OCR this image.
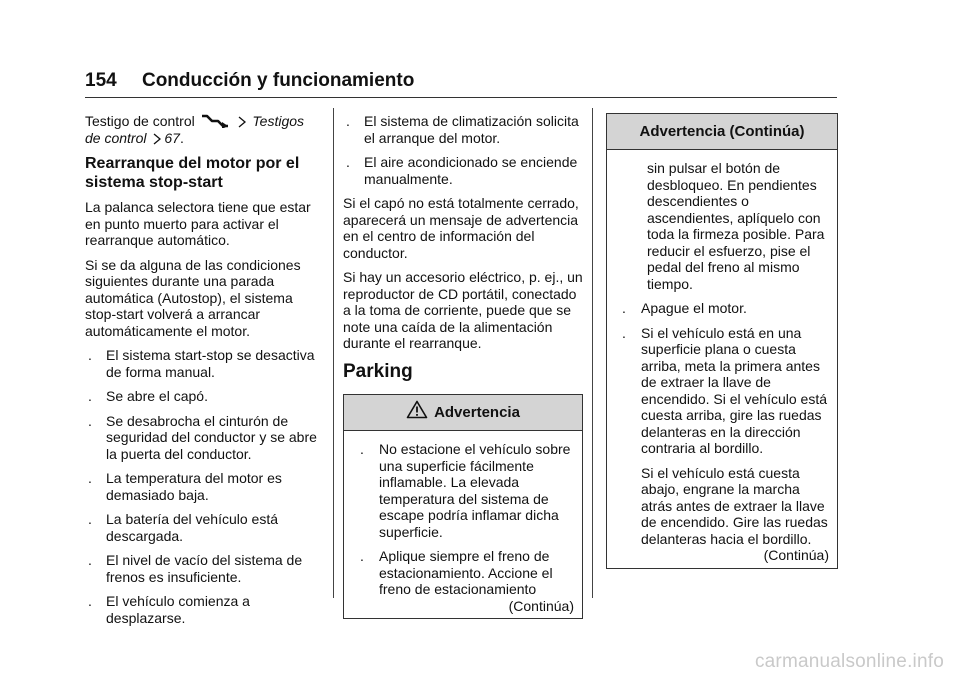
154 Conducción y funcionamiento

Testigo de control	Testigos de control 67.

Rearranque del motor por el sistema stop-start

La palanca selectora tiene que estar en punto muerto para activar el rearranque automático.

Si se da alguna de las condiciones siguientes durante una parada automática (Autostop), el sistema stop-start volverá a arrancar automáticamente el motor.

. El sistema start-stop se desactiva de forma manual.
. Se abre el capó.
. Se desabrocha el cinturón de seguridad del conductor y se abre la puerta del conductor.
. La temperatura del motor es demasiado baja.
. La batería del vehículo está descargada.
. El nivel de vacío del sistema de frenos es insuficiente.
. El vehículo comienza a desplazarse.
. El sistema de climatización solicita el arranque del motor.
. El aire acondicionado se enciende manualmente.

Si el capó no está totalmente cerrado, aparecerá un mensaje de advertencia en el centro de información del conductor.

Si hay un accesorio eléctrico, p. ej., un reproductor de CD portátil, conectado a la toma de corriente, puede que se note una caída de la alimentación durante el rearranque.

Parking
Advertencia
. No estacione el vehículo sobre una superficie fácilmente inflamable. La elevada temperatura del sistema de escape podría inflamar dicha superficie.
. Aplique siempre el freno de estacionamiento. Accione el freno de estacionamiento

(Continúa)

Advertencia (Continúa)

sin pulsar el botón de desbloqueo. En pendientes descendientes o ascendientes, aplíquelo con toda la firmeza posible. Para reducir el esfuerzo, pise el pedal del freno al mismo tiempo.

. Apague el motor.
. Si el vehículo está en una superficie plana o cuesta arriba, meta la primera antes de extraer la llave de encendido. Si el vehículo está cuesta arriba, gire las ruedas delanteras en la dirección contraria al bordillo.

Si el vehículo está cuesta abajo, engrane la marcha atrás antes de extraer la llave de encendido. Gire las ruedas delanteras hacia el bordillo.

(Continúa)

carmanualsonline.info
